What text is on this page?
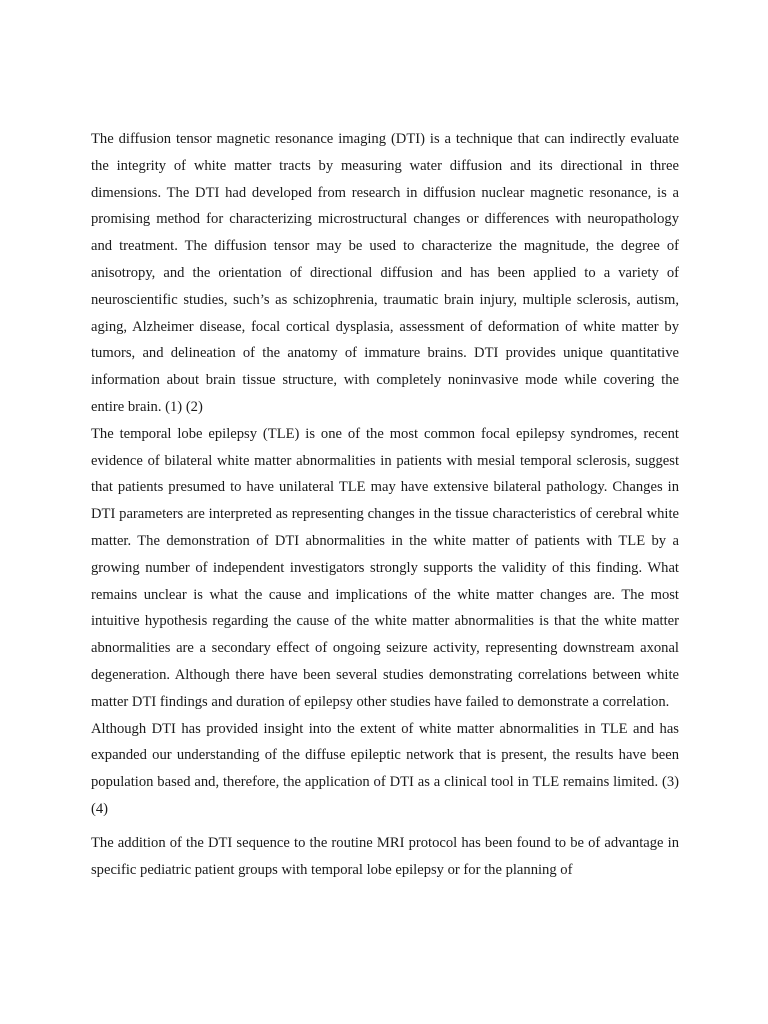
The diffusion tensor magnetic resonance imaging (DTI) is a technique that can indirectly evaluate the integrity of white matter tracts by measuring water diffusion and its directional in three dimensions. The DTI had developed from research in diffusion nuclear magnetic resonance, is a promising method for characterizing microstructural changes or differences with neuropathology and treatment. The diffusion tensor may be used to characterize the magnitude, the degree of anisotropy, and the orientation of directional diffusion and has been applied to a variety of neuroscientific studies, such’s as schizophrenia, traumatic brain injury, multiple sclerosis, autism, aging, Alzheimer disease, focal cortical dysplasia, assessment of deformation of white matter by tumors, and delineation of the anatomy of immature brains. DTI provides unique quantitative information about brain tissue structure, with completely noninvasive mode while covering the entire brain. (1) (2)

The temporal lobe epilepsy (TLE) is one of the most common focal epilepsy syndromes, recent evidence of bilateral white matter abnormalities in patients with mesial temporal sclerosis, suggest that patients presumed to have unilateral TLE may have extensive bilateral pathology. Changes in DTI parameters are interpreted as representing changes in the tissue characteristics of cerebral white matter. The demonstration of DTI abnormalities in the white matter of patients with TLE by a growing number of independent investigators strongly supports the validity of this finding. What remains unclear is what the cause and implications of the white matter changes are. The most intuitive hypothesis regarding the cause of the white matter abnormalities is that the white matter abnormalities are a secondary effect of ongoing seizure activity, representing downstream axonal degeneration. Although there have been several studies demonstrating correlations between white matter DTI findings and duration of epilepsy other studies have failed to demonstrate a correlation.

Although DTI has provided insight into the extent of white matter abnormalities in TLE and has expanded our understanding of the diffuse epileptic network that is present, the results have been population based and, therefore, the application of DTI as a clinical tool in TLE remains limited. (3) (4)

The addition of the DTI sequence to the routine MRI protocol has been found to be of advantage in specific pediatric patient groups with temporal lobe epilepsy or for the planning of
